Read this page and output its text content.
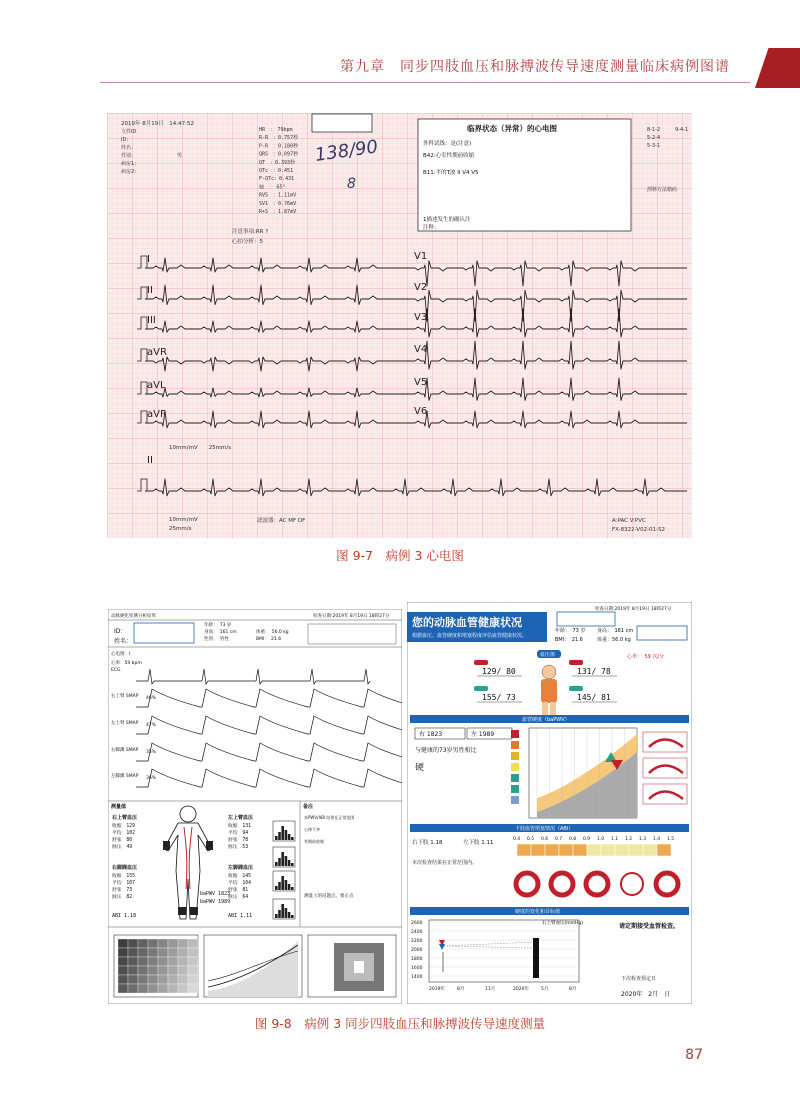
第九章　同步四肢血压和脉搏波传导速度测量临床病例图谱
2019年 8月19日　14:47:52
文件ID
ID：
姓名：
性别：	男
病房1：
病房2：
HR　：　79bpm
R-R　：0.757秒
P-R　：0.180秒
QRS　：0.097秒
QT　：0.393秒
QTc　：0.451
F-QTc：0.431
轴　：　65°
RV5　：1.11mV
SV1　：0.76mV
R+S　：1.87mV
138/90
8
注意事项:RR ?
心拍分析：5
临界状态（异常）的心电图
外科试线：是(注意)
B42:心室性期前收缩
B11:平的T波 II V4 V5
1描述发生的确认注
注释：
8-1-2
5-2-4
5-3-1
9-4-1
漂移方法精码
I
II
III
aVR
aVL
aVF
V1
V2
V3
V4
V5
V6
II
10mm/mV　　25mm/s
10mm/mV
25mm/s
滤波器：AC MF DF	A:PAC V:PVC
FX-8322-V02-01-S2
图 9-7　病例 3 心电图
动脉硬化检测分析结果	检查日期:2019年 8月19日 18時27分
ID：
姓名：
年龄：　73 岁
身高：　161 cm
性别：　男性
体重：　56.0 kg
BMI：　21.6
心电图：I
心率：59 bpm
ECG
右上臂 SMAP
左上臂 SMAP
右脚踝 SMAP
左脚踝 SMAP
46%
47%
35%
36%
测量值
右上臂血压
收缩　129
平均　102
舒张　80
脉压　49
左上臂血压
收缩　131
平均　94
舒张　78
脉压　53
右脚踝血压
收缩　155
平均　107
舒张　73
脉压　82
左脚踝血压
收缩　145
平均　104
舒张　81
脉压　64
baPWV 1823
baPWV 1989
ABI 1.18	ABI 1.11
备注
本PWV/ABI 结果在正常范围
心律不齐
有期前收缩
测量上的问题点，要正点
您的动脉血管健康状况
根据血压、血管硬度和堵塞程度评估血管健康状况。
检查日期:2019年 8月19日 18時27分
年龄：　73 岁 身高：　161 cm
BMI：　21.6	体重：56.0 kg
心率：　59 次/分
血压值
129/ 80	131/ 78
155/ 73	145/ 81
血管硬度（baPWV）
右 1823	左 1989
与健康的73岁男性相比
硬
下肢血管堵塞情况（ABI）
右下肢 1.18	左下肢 1.11
本次检查结果在正常范围内。
0.4 0.5 0.6 0.7 0.8 0.9 1.0 1.1 1.2 1.3 1.4 1.5
硬度的变化和目标值
2600
2400
2200
2000
1800
1600
1400
2019年	8月	11月	2020年	5月	8月
右上臂血压(mmHg)	请定期接受血管检查。
下次检查预定日
2020年　2月　日
图 9-8　病例 3 同步四肢血压和脉搏波传导速度测量
87
